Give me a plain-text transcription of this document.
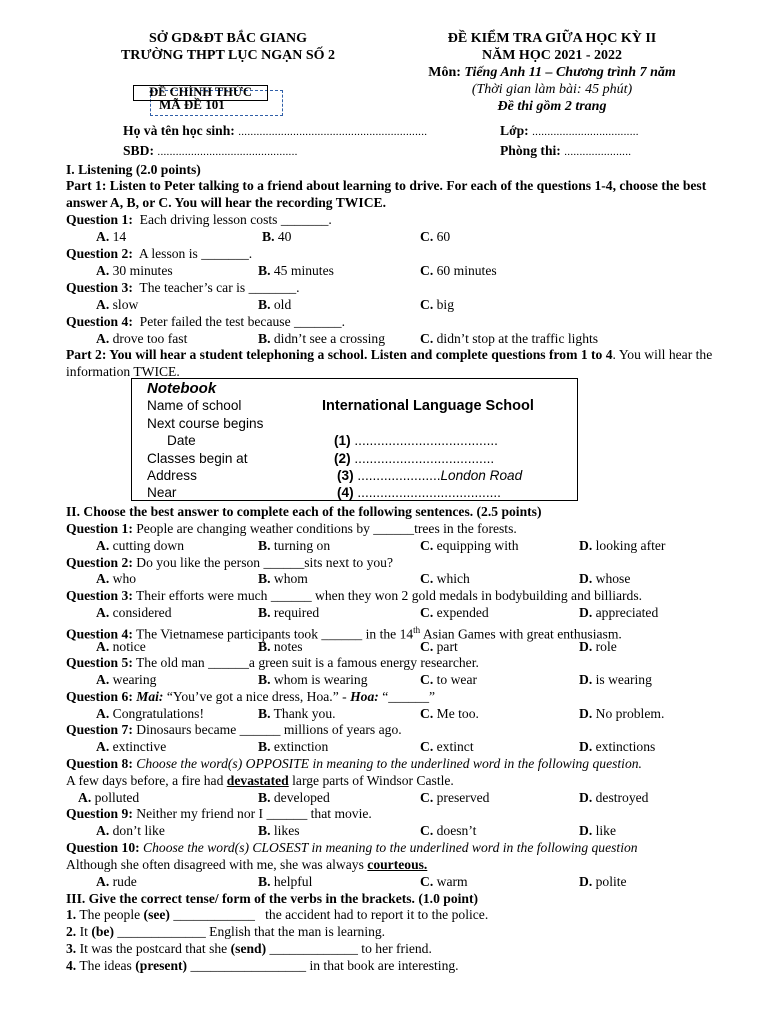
SỞ GD&ĐT BẮC GIANG
TRƯỜNG THPT LỤC NGẠN SỐ 2
ĐỀ KIỂM TRA GIỮA HỌC KỲ II
NĂM HỌC 2021 - 2022
Môn: Tiếng Anh 11 – Chương trình 7 năm
(Thời gian làm bài: 45 phút)
Đề thi gồm 2 trang
MÃ ĐỀ 101
ĐỀ CHÍNH THỨC
Họ và tên học sinh: ..............................................................	Lớp: ...................................
SBD: ..............................................	Phòng thi: ......................
I. Listening (2.0 points)
Part 1: Listen to Peter talking to a friend about learning to drive. For each of the questions 1-4, choose the best answer A, B, or C. You will hear the recording TWICE.
Question 1: Each driving lesson costs _______.
A. 14	B. 40	C. 60
Question 2: A lesson is _______.
A. 30 minutes	B. 45 minutes	C. 60 minutes
Question 3: The teacher’s car is _______.
A. slow	B. old	C. big
Question 4: Peter failed the test because _______.
A. drove too fast	B. didn’t see a crossing	C. didn’t stop at the traffic lights
Part 2: You will hear a student telephoning a school. Listen and complete questions from 1 to 4. You will hear the information TWICE.
Notebook
Name of school	International Language School
Next course begins
Date	(1) ......................................
Classes begin at	(2) .....................................
Address	(3) ......................London Road
Near	(4) ......................................
II. Choose the best answer to complete each of the following sentences. (2.5 points)
Question 1: People are changing weather conditions by ______trees in the forests.
A. cutting down	B. turning on	C. equipping with	D. looking after
Question 2: Do you like the person ______sits next to you?
A. who	B. whom	C. which	D. whose
Question 3: Their efforts were much ______ when they won 2 gold medals in bodybuilding and billiards.
A. considered	B. required	C. expended	D. appreciated
Question 4: The Vietnamese participants took ______ in the 14th Asian Games with great enthusiasm.
A. notice	B. notes	C. part	D. role
Question 5: The old man ______a green suit is a famous energy researcher.
A. wearing	B. whom is wearing	C. to wear	D. is wearing
Question 6: Mai: “You’ve got a nice dress, Hoa.” - Hoa: “______”
A. Congratulations!	B. Thank you.	C. Me too.	D. No problem.
Question 7: Dinosaurs became ______ millions of years ago.
A. extinctive	B. extinction	C. extinct	D. extinctions
Question 8: Choose the word(s) OPPOSITE in meaning to the underlined word in the following question.
A few days before, a fire had devastated large parts of Windsor Castle.
A. polluted	B. developed	C. preserved	D. destroyed
Question 9: Neither my friend nor I ______ that movie.
A. don’t like	B. likes	C. doesn’t	D. like
Question 10: Choose the word(s) CLOSEST in meaning to the underlined word in the following question
Although she often disagreed with me, she was always courteous.
A. rude	B. helpful	C. warm	D. polite
III. Give the correct tense/ form of the verbs in the brackets. (1.0 point)
1. The people (see) ____________ the accident had to report it to the police.
2. It (be) _____________ English that the man is learning.
3. It was the postcard that she (send) _____________ to her friend.
4. The ideas (present) _________________ in that book are interesting.
